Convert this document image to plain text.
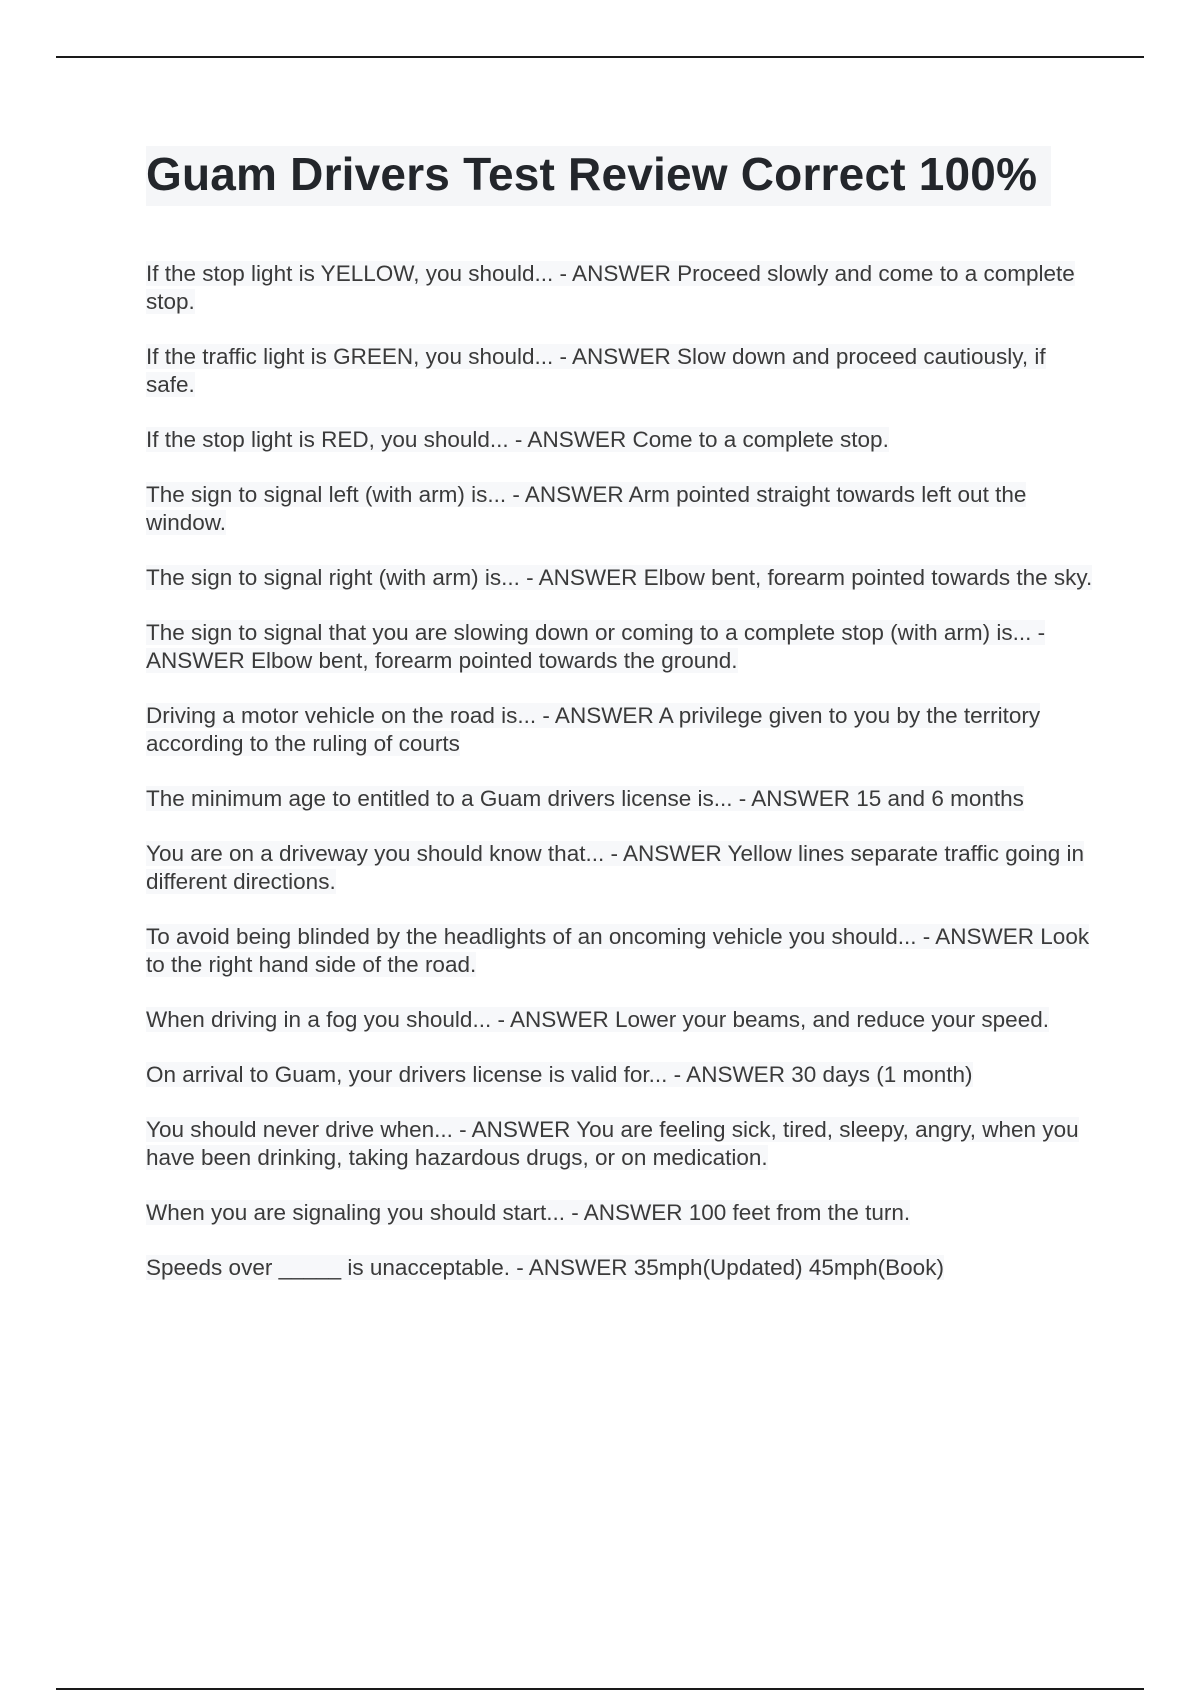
Guam Drivers Test Review Correct 100%
If the stop light is YELLOW, you should... - ANSWER Proceed slowly and come to a complete stop.
If the traffic light is GREEN, you should... - ANSWER Slow down and proceed cautiously, if safe.
If the stop light is RED, you should... - ANSWER Come to a complete stop.
The sign to signal left (with arm) is... - ANSWER Arm pointed straight towards left out the window.
The sign to signal right (with arm) is... - ANSWER Elbow bent, forearm pointed towards the sky.
The sign to signal that you are slowing down or coming to a complete stop (with arm) is... - ANSWER Elbow bent, forearm pointed towards the ground.
Driving a motor vehicle on the road is... - ANSWER A privilege given to you by the territory according to the ruling of courts
The minimum age to entitled to a Guam drivers license is... - ANSWER 15 and 6 months
You are on a driveway you should know that... - ANSWER Yellow lines separate traffic going in different directions.
To avoid being blinded by the headlights of an oncoming vehicle you should... - ANSWER Look to the right hand side of the road.
When driving in a fog you should... - ANSWER Lower your beams, and reduce your speed.
On arrival to Guam, your drivers license is valid for... - ANSWER 30 days (1 month)
You should never drive when... - ANSWER You are feeling sick, tired, sleepy, angry, when you have been drinking, taking hazardous drugs, or on medication.
When you are signaling you should start... - ANSWER 100 feet from the turn.
Speeds over _____ is unacceptable. - ANSWER 35mph(Updated) 45mph(Book)
